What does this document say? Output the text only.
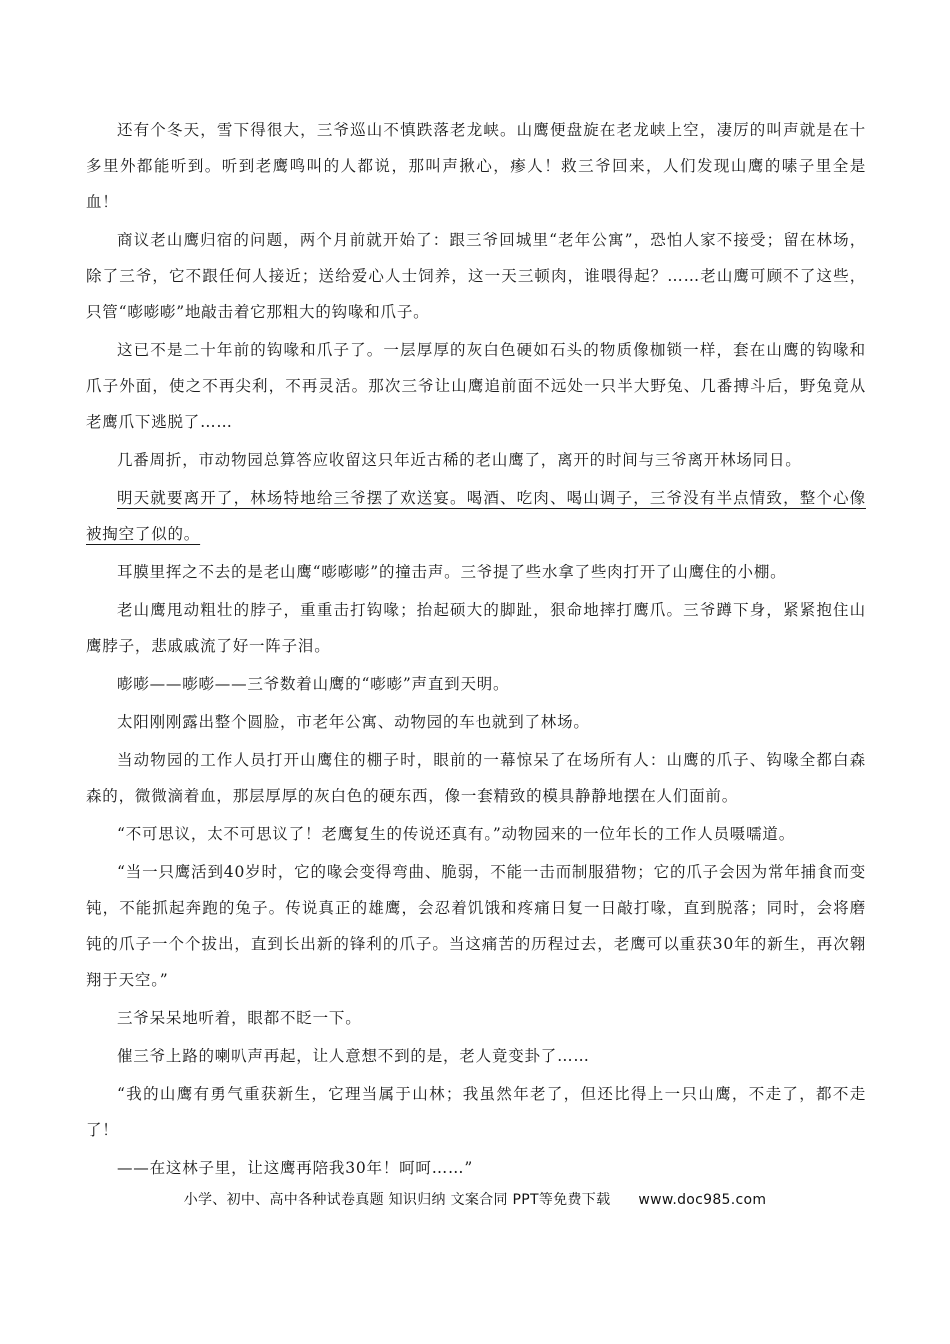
还有个冬天，雪下得很大，三爷巡山不慎跌落老龙峡。山鹰便盘旋在老龙峡上空，凄厉的叫声就是在十多里外都能听到。听到老鹰鸣叫的人都说，那叫声揪心，瘆人！救三爷回来，人们发现山鹰的嗉子里全是血！

商议老山鹰归宿的问题，两个月前就开始了：跟三爷回城里“老年公寓”，恐怕人家不接受；留在林场，除了三爷，它不跟任何人接近；送给爱心人士饲养，这一天三顿肉，谁喂得起？……老山鹰可顾不了这些，只管“嘭嘭嘭”地敲击着它那粗大的钩喙和爪子。

这已不是二十年前的钩喙和爪子了。一层厚厚的灰白色硬如石头的物质像枷锁一样，套在山鹰的钩喙和爪子外面，使之不再尖利，不再灵活。那次三爷让山鹰追前面不远处一只半大野兔、几番搏斗后，野兔竟从老鹰爪下逃脱了……

几番周折，市动物园总算答应收留这只年近古稀的老山鹰了，离开的时间与三爷离开林场同日。

明天就要离开了，林场特地给三爷摆了欢送宴。喝酒、吃肉、喝山调子，三爷没有半点情致，整个心像被掏空了似的。

耳膜里挥之不去的是老山鹰“嘭嘭嘭”的撞击声。三爷提了些水拿了些肉打开了山鹰住的小棚。

老山鹰甩动粗壮的脖子，重重击打钩喙；抬起硕大的脚趾，狠命地摔打鹰爪。三爷蹲下身，紧紧抱住山鹰脖子，悲戚戚流了好一阵子泪。

嘭嘭——嘭嘭——三爷数着山鹰的“嘭嘭”声直到天明。

太阳刚刚露出整个圆脸，市老年公寓、动物园的车也就到了林场。

当动物园的工作人员打开山鹰住的棚子时，眼前的一幕惊呆了在场所有人：山鹰的爪子、钩喙全都白森森的，微微滴着血，那层厚厚的灰白色的硬东西，像一套精致的模具静静地摆在人们面前。

“不可思议，太不可思议了！老鹰复生的传说还真有。”动物园来的一位年长的工作人员嗫嚅道。

“当一只鹰活到40岁时，它的喙会变得弯曲、脆弱，不能一击而制服猎物；它的爪子会因为常年捕食而变钝，不能抓起奔跑的兔子。传说真正的雄鹰，会忍着饥饿和疼痛日复一日敲打喙，直到脱落；同时，会将磨钝的爪子一个个拔出，直到长出新的锋利的爪子。当这痛苦的历程过去，老鹰可以重获30年的新生，再次翱翔于天空。”

三爷呆呆地听着，眼都不眨一下。

催三爷上路的喇叭声再起，让人意想不到的是，老人竟变卦了……

“我的山鹰有勇气重获新生，它理当属于山林；我虽然年老了，但还比得上一只山鹰，不走了，都不走了！

——在这林子里，让这鹰再陪我30年！呵呵……”

小学、初中、高中各种试卷真题 知识归纳 文案合同 PPT等免费下载 www.doc985.com
